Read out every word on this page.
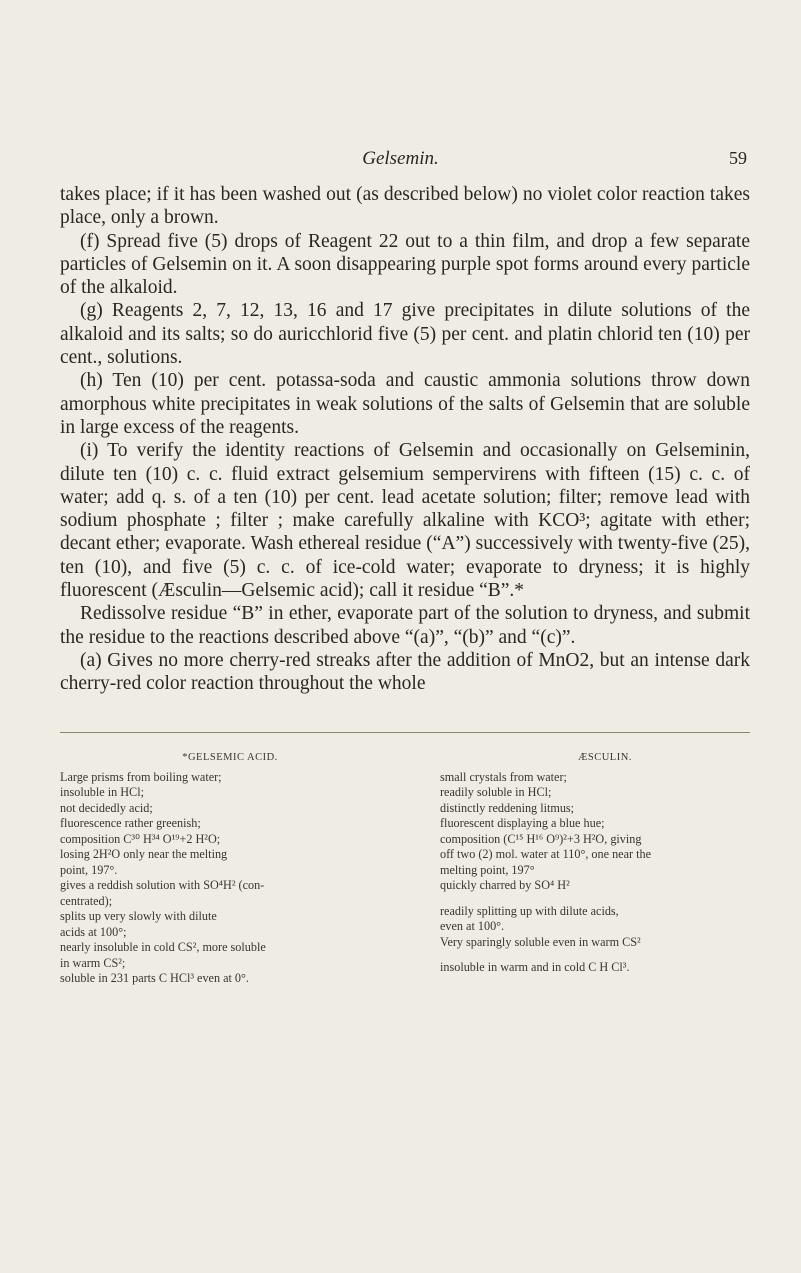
Gelsemin.	59

takes place; if it has been washed out (as described below) no violet color reaction takes place, only a brown.

(f) Spread five (5) drops of Reagent 22 out to a thin film, and drop a few separate particles of Gelsemin on it. A soon disappearing purple spot forms around every particle of the alkaloid.

(g) Reagents 2, 7, 12, 13, 16 and 17 give precipitates in dilute solutions of the alkaloid and its salts; so do auricchlorid five (5) per cent. and platin chlorid ten (10) per cent., solutions.

(h) Ten (10) per cent. potassa-soda and caustic ammonia solutions throw down amorphous white precipitates in weak solutions of the salts of Gelsemin that are soluble in large excess of the reagents.

(i) To verify the identity reactions of Gelsemin and occasionally on Gelseminin, dilute ten (10) c. c. fluid extract gelsemium sempervirens with fifteen (15) c. c. of water; add q. s. of a ten (10) per cent. lead acetate solution; filter; remove lead with sodium phosphate ; filter ; make carefully alkaline with KCO³; agitate with ether; decant ether; evaporate. Wash ethereal residue (“A”) successively with twenty-five (25), ten (10), and five (5) c. c. of ice-cold water; evaporate to dryness; it is highly fluorescent (Æsculin—Gelsemic acid); call it residue “B”.*

Redissolve residue “B” in ether, evaporate part of the solution to dryness, and submit the residue to the reactions described above “(a)”, “(b)” and “(c)”.

(a) Gives no more cherry-red streaks after the addition of MnO2, but an intense dark cherry-red color reaction throughout the whole

*GELSEMIC ACID.
Large prisms from boiling water;
insoluble in HCl;
not decidedly acid;
fluorescence rather greenish;
composition C³⁰ H³⁴ O¹⁹+2 H²O;
losing 2H²O only near the melting
point, 197°.
gives a reddish solution with SO⁴H² (con-
centrated);
splits up very slowly with dilute
acids at 100°;
nearly insoluble in cold CS², more soluble
in warm CS²;
soluble in 231 parts C HCl³ even at 0°.
ÆSCULIN.
small crystals from water;
readily soluble in HCl;
distinctly reddening litmus;
fluorescent displaying a blue hue;
composition (C¹⁵ H¹⁶ O⁹)²+3 H²O, giving
off two (2) mol. water at 110°, one near the
melting point, 197°
quickly charred by SO⁴ H²
readily splitting up with dilute acids,
even at 100°.
Very sparingly soluble even in warm CS²
insoluble in warm and in cold C H Cl³.
